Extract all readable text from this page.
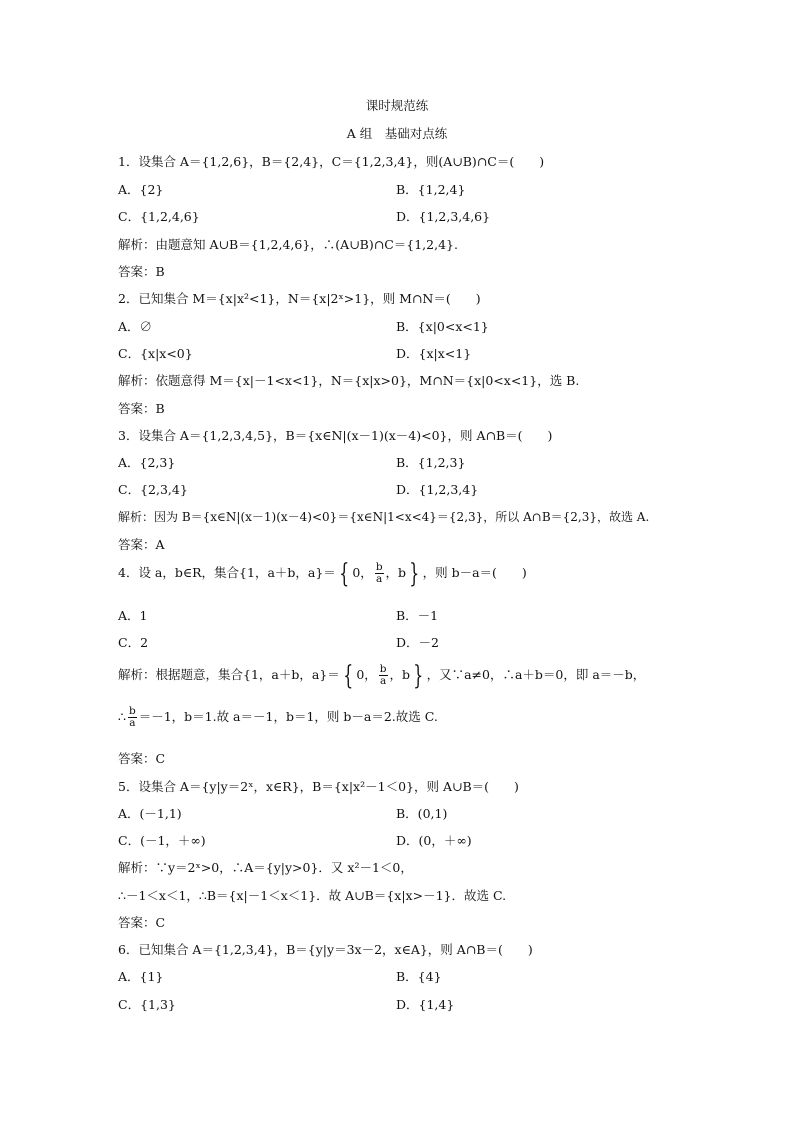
课时规范练
A 组　基础对点练
1．设集合 A＝{1,2,6}，B＝{2,4}，C＝{1,2,3,4}，则(A∪B)∩C＝(　　)
A．{2}	B．{1,2,4}
C．{1,2,4,6}	D．{1,2,3,4,6}
解析：由题意知 A∪B＝{1,2,4,6}，∴(A∪B)∩C＝{1,2,4}.
答案：B
2．已知集合 M＝{x|x²<1}，N＝{x|2ˣ>1}，则 M∩N＝(　　)
A．∅	B．{x|0<x<1}
C．{x|x<0}	D．{x|x<1}
解析：依题意得 M＝{x|－1<x<1}，N＝{x|x>0}，M∩N＝{x|0<x<1}，选 B.
答案：B
3．设集合 A＝{1,2,3,4,5}，B＝{x∈N|(x－1)(x－4)<0}，则 A∩B＝(　　)
A．{2,3}	B．{1,2,3}
C．{2,3,4}	D．{1,2,3,4}
解析：因为 B＝{x∈N|(x－1)(x－4)<0}＝{x∈N|1<x<4}＝{2,3}，所以 A∩B＝{2,3}，故选 A.
答案：A
4．设 a，b∈R，集合{1，a＋b，a}＝ { 0， $\frac{b}{a}$ ，b } ，则 b－a＝(　　)
A．1	B．－1
C．2	D．－2
解析：根据题意，集合{1，a＋b，a}＝ { 0， $\frac{b}{a}$ ，b } ，又∵a≠0，∴a＋b＝0，即 a＝－b，
∴ $\frac{b}{a} =-1$，b＝1.故 a＝－1，b＝1，则 b－a＝2.故选 C.
答案：C
5．设集合 A＝{y|y＝2ˣ，x∈R}，B＝{x|x²－1＜0}，则 A∪B＝(　　)
A．(－1,1)	B．(0,1)
C．(－1，＋∞)	D．(0，＋∞)
解析：∵y＝2ˣ>0，∴A＝{y|y>0}．又 x²－1＜0，
∴－1＜x＜1，∴B＝{x|－1＜x＜1}．故 A∪B＝{x|x>－1}．故选 C.
答案：C
6．已知集合 A＝{1,2,3,4}，B＝{y|y＝3x－2，x∈A}，则 A∩B＝(　　)
A．{1}	B．{4}
C．{1,3}	D．{1,4}
